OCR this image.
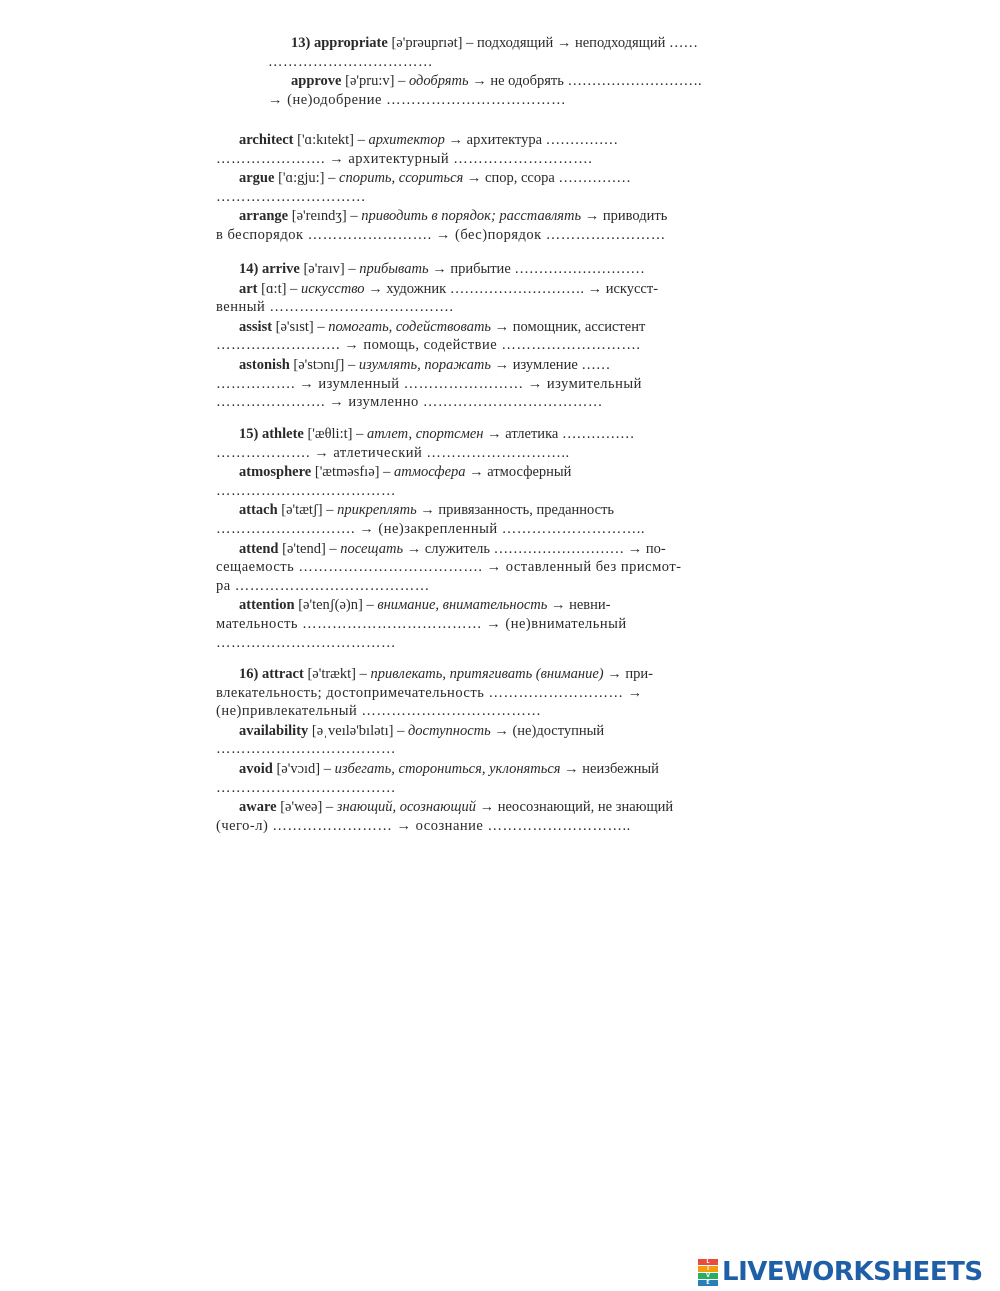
13) appropriate [ə'prəuprıət] – подходящий → неподходящий ……
……………………………
approve [ə'pru:v] – одобрять → не одобрять ……………………….
→ (не)одобрение ………………………………
architect ['ɑ:kıtekt] – архитектор → архитектура ……………
…………………. → архитектурный ……………………….
argue ['ɑ:gju:] – спорить, ссориться → спор, ссора ……………
…………………………
arrange [ə'reındʒ] – приводить в порядок; расставлять → приводить
в беспорядок ……………………. → (бес)порядок ……………………
14) arrive [ə'raıv] – прибывать → прибытие ………………………
art [ɑ:t] – искусство → художник ………………………. → искусст-
венный ……………………………….
assist [ə'sıst] – помогать, содействовать → помощник, ассистент
……………………. → помощь, содействие ……………………….
astonish [ə'stɔnıʃ] – изумлять, поражать → изумление ……
……………. → изумленный …………………… → изумительный
…………………. → изумленно ………………………………
15) athlete ['æθli:t] – атлет, спортсмен → атлетика ……………
………………. → атлетический ………………………..
atmosphere ['ætməsfıə] – атмосфера → атмосферный
………………………………
attach [ə'tætʃ] – прикреплять → привязанность, преданность
………………………. → (не)закрепленный ………………………..
attend [ə'tend] – посещать → служитель ……………………… → по-
сещаемость ………………………………. → оставленный без присмот-
ра …………………………………
attention [ə'tenʃ(ə)n] – внимание, внимательность → невни-
мательность ……………………………… → (не)внимательный
………………………………
16) attract [ə'trækt] – привлекать, притягивать (внимание) → при-
влекательность; достопримечательность ……………………… →
(не)привлекательный ………………………………
availability [əˌveılə'bılətı] – доступность → (не)доступный
………………………………
avoid [ə'vɔıd] – избегать, сторониться, уклоняться → неизбежный
………………………………
aware [ə'weə] – знающий, осознающий → неосознающий, не знающий
(чего-л) …………………… → осознание ………………………..
L
I
V
E LIVEWORKSHEETS
